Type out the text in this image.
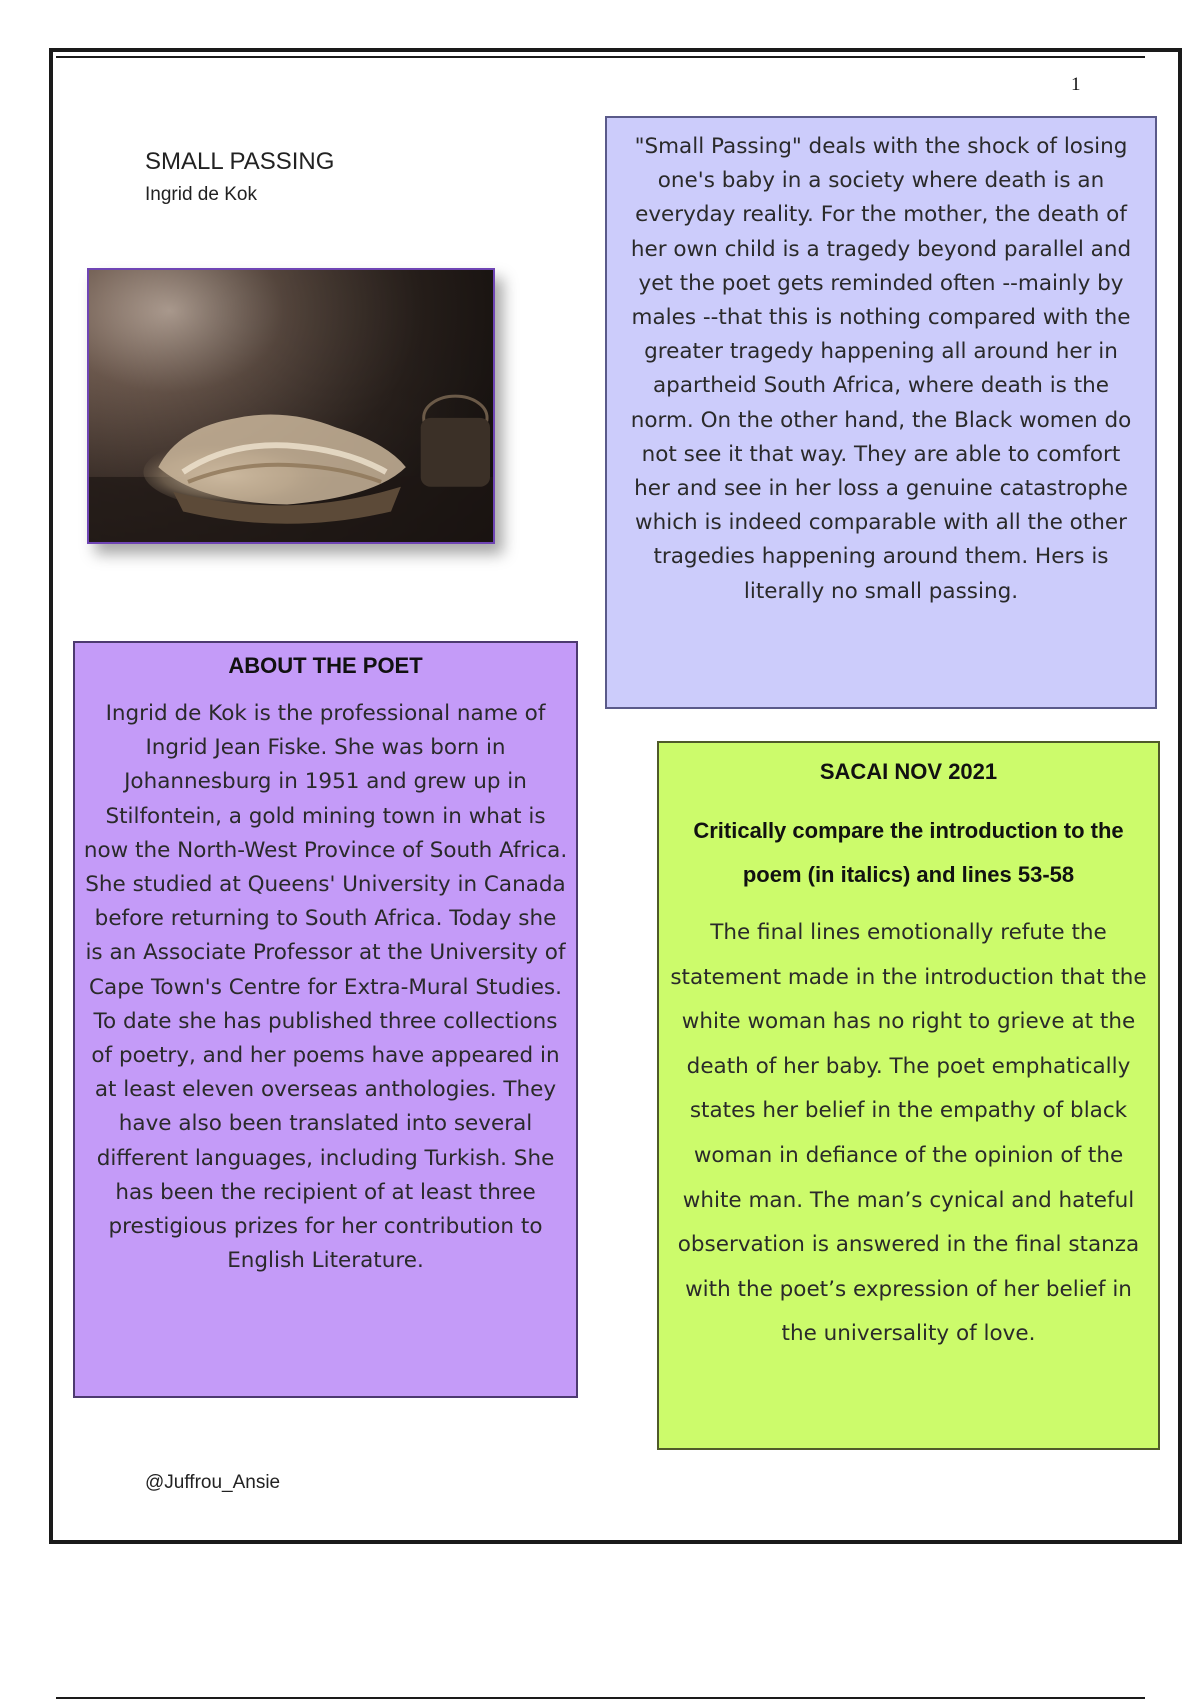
1
SMALL PASSING
Ingrid de Kok

"Small Passing" deals with the shock of losing one's baby in a society where death is an everyday reality. For the mother, the death of her own child is a tragedy beyond parallel and yet the poet gets reminded often --mainly by males --that this is nothing compared with the greater tragedy happening all around her in apartheid South Africa, where death is the norm. On the other hand, the Black women do not see it that way. They are able to comfort her and see in her loss a genuine catastrophe which is indeed comparable with all the other tragedies happening around them. Hers is literally no small passing.

ABOUT THE POET

Ingrid de Kok is the professional name of Ingrid Jean Fiske. She was born in Johannesburg in 1951 and grew up in Stilfontein, a gold mining town in what is now the North-West Province of South Africa. She studied at Queens' University in Canada before returning to South Africa. Today she is an Associate Professor at the University of Cape Town's Centre for Extra-Mural Studies. To date she has published three collections of poetry, and her poems have appeared in at least eleven overseas anthologies. They have also been translated into several different languages, including Turkish. She has been the recipient of at least three prestigious prizes for her contribution to English Literature.

SACAI NOV 2021

Critically compare the introduction to the poem (in italics) and lines 53-58

The final lines emotionally refute the statement made in the introduction that the white woman has no right to grieve at the death of her baby. The poet emphatically states her belief in the empathy of black woman in defiance of the opinion of the white man. The man’s cynical and hateful observation is answered in the final stanza with the poet’s expression of her belief in the universality of love.

@Juffrou_Ansie
